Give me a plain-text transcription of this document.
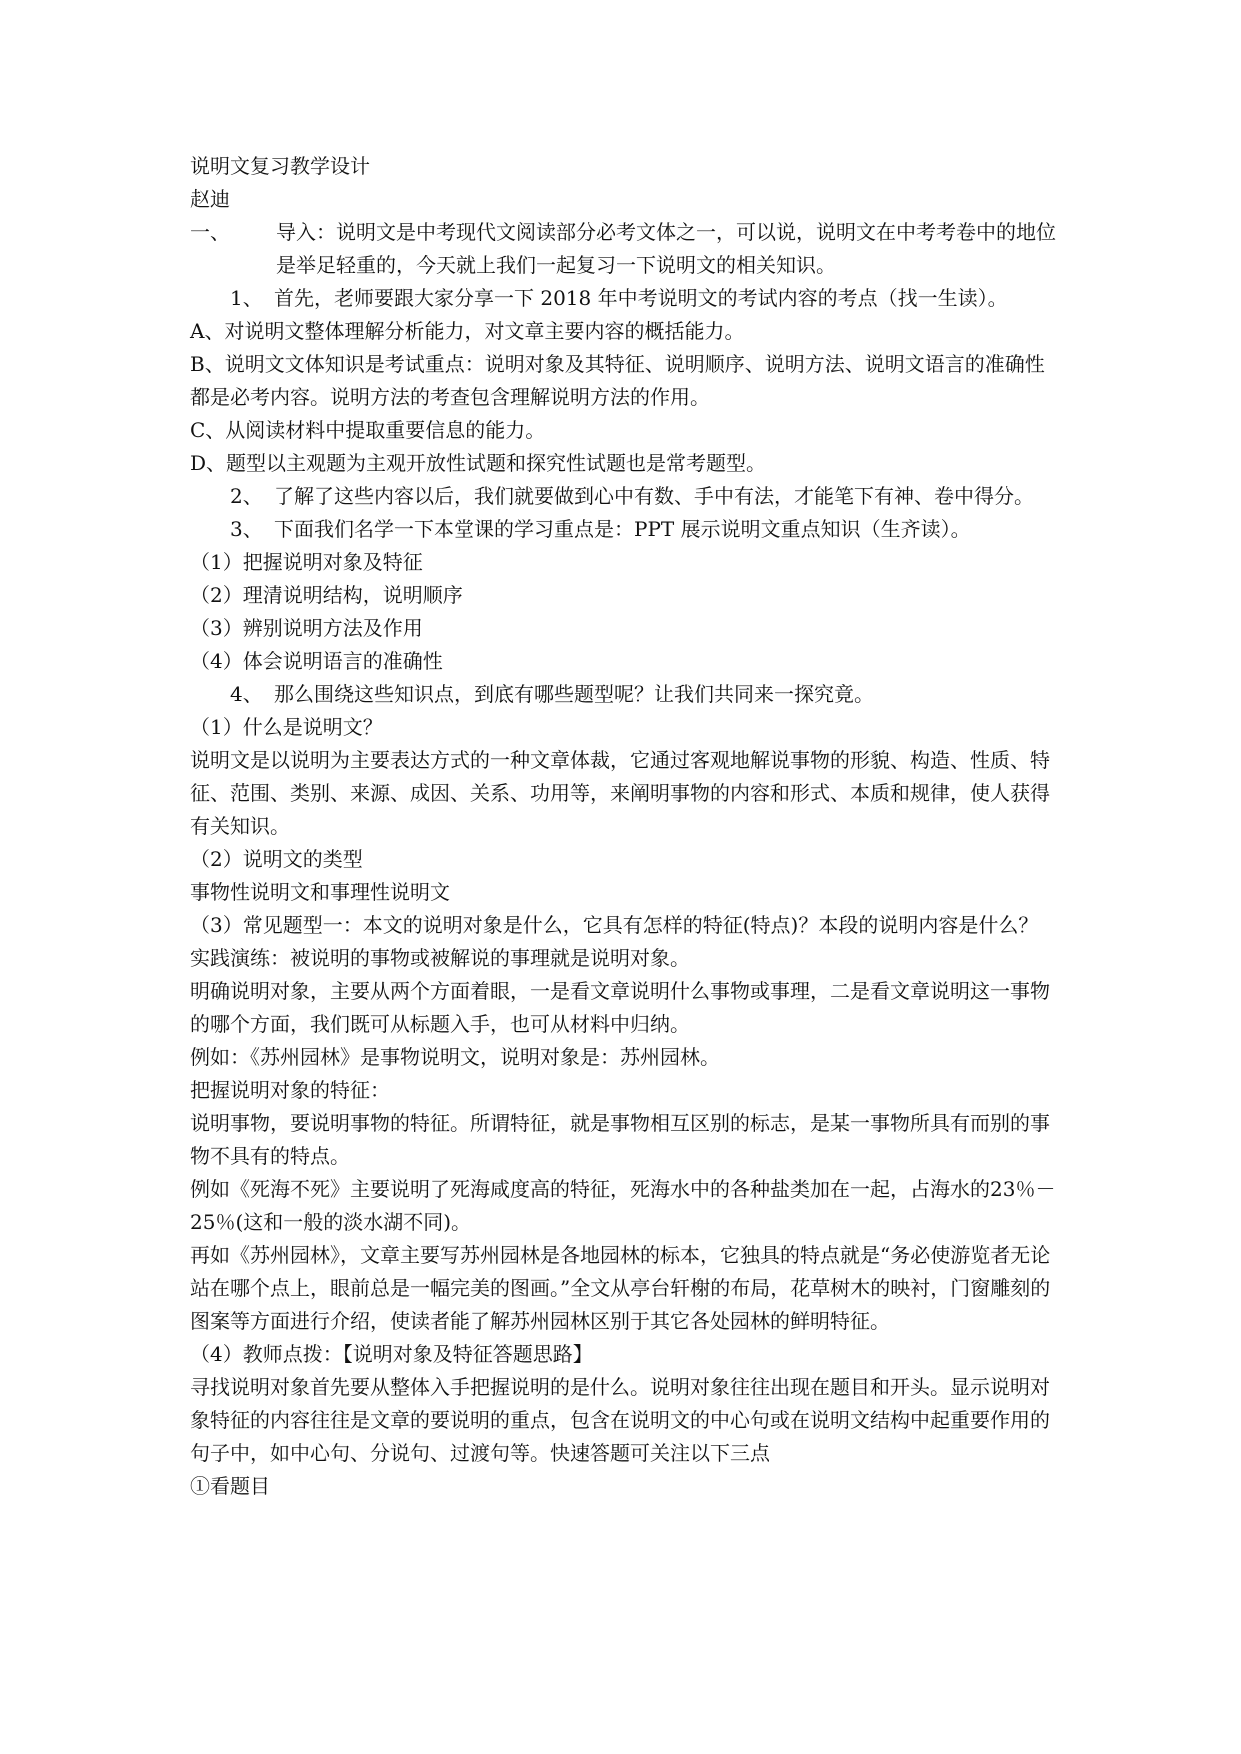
说明文复习教学设计
赵迪
一、	导入：说明文是中考现代文阅读部分必考文体之一，可以说，说明文在中考考卷中的地位是举足轻重的，今天就上我们一起复习一下说明文的相关知识。
1、 首先，老师要跟大家分享一下 2018 年中考说明文的考试内容的考点（找一生读）。
A、对说明文整体理解分析能力，对文章主要内容的概括能力。
B、说明文文体知识是考试重点：说明对象及其特征、说明顺序、说明方法、说明文语言的准确性都是必考内容。说明方法的考查包含理解说明方法的作用。
C、从阅读材料中提取重要信息的能力。
D、题型以主观题为主观开放性试题和探究性试题也是常考题型。
2、 了解了这些内容以后，我们就要做到心中有数、手中有法，才能笔下有神、卷中得分。
3、 下面我们名学一下本堂课的学习重点是：PPT 展示说明文重点知识（生齐读）。
（1）把握说明对象及特征
（2）理清说明结构，说明顺序
（3）辨别说明方法及作用
（4）体会说明语言的准确性
4、 那么围绕这些知识点，到底有哪些题型呢？让我们共同来一探究竟。
（1）什么是说明文？
说明文是以说明为主要表达方式的一种文章体裁，它通过客观地解说事物的形貌、构造、性质、特征、范围、类别、来源、成因、关系、功用等，来阐明事物的内容和形式、本质和规律，使人获得有关知识。
（2）说明文的类型
事物性说明文和事理性说明文
（3）常见题型一：本文的说明对象是什么，它具有怎样的特征(特点)？本段的说明内容是什么？
实践演练：被说明的事物或被解说的事理就是说明对象。
明确说明对象，主要从两个方面着眼，一是看文章说明什么事物或事理，二是看文章说明这一事物的哪个方面，我们既可从标题入手，也可从材料中归纳。
例如：《苏州园林》是事物说明文，说明对象是：苏州园林。
把握说明对象的特征：
说明事物，要说明事物的特征。所谓特征，就是事物相互区别的标志，是某一事物所具有而别的事物不具有的特点。
例如《死海不死》主要说明了死海咸度高的特征，死海水中的各种盐类加在一起，占海水的23％－25％(这和一般的淡水湖不同)。
再如《苏州园林》，文章主要写苏州园林是各地园林的标本，它独具的特点就是“务必使游览者无论站在哪个点上，眼前总是一幅完美的图画。”全文从亭台轩榭的布局，花草树木的映衬，门窗雕刻的图案等方面进行介绍，使读者能了解苏州园林区别于其它各处园林的鲜明特征。
（4）教师点拨：【说明对象及特征答题思路】
寻找说明对象首先要从整体入手把握说明的是什么。说明对象往往出现在题目和开头。显示说明对象特征的内容往往是文章的要说明的重点，包含在说明文的中心句或在说明文结构中起重要作用的句子中，如中心句、分说句、过渡句等。快速答题可关注以下三点
①看题目
